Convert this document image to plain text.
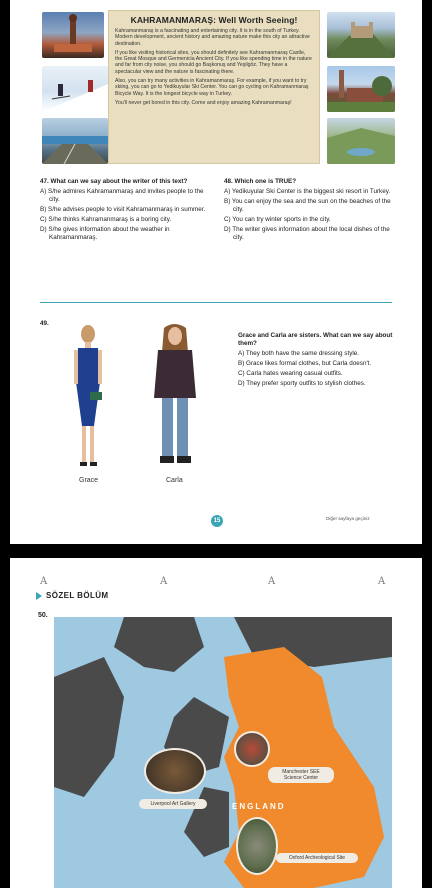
KAHRAMANMARAŞ: Well Worth Seeing!

Kahramanmaraş is a fascinating and entertaining city. It is in the south of Turkey. Modern development, ancient history and amazing nature make this city an attractive destination.

If you like visiting historical sites, you should definitely see Kahramanmaraş Castle, the Great Mosque and Germenicia Ancient City. If you like spending time in the nature and far from city noise, you should go Başkonuş and Yeşilgöz. They have a spectacular view and the nature is fascinating there.

Also, you can try many activities in Kahramanmaraş. For example, if you want to try skiing, you can go to Yedikuyular Ski Center. You can go cycling on Kahramanmaraş Bicycle Way. It is the longest bicycle way in Turkey.

You'll never get bored in this city. Come and enjoy amazing Kahramanmaraş!

47. What can we say about the writer of this text?
A) S/he admires Kahramanmaraş and invites people to the city.
B) S/he advises people to visit Kahramanmaraş in summer.
C) S/he thinks Kahramanmaraş is a boring city.
D) S/he gives information about the weather in Kahramanmaraş.
48. Which one is TRUE?
A) Yedikuyular Ski Center is the biggest ski resort in Turkey.
B) You can enjoy the sea and the sun on the beaches of the city.
C) You can try winter sports in the city.
D) The writer gives information about the local dishes of the city.
49.
Grace	Carla
Grace and Carla are sisters. What can we say about them?
A) They both have the same dressing style.
B) Grace likes formal clothes, but Carla doesn't.
C) Carla hates wearing casual outfits.
D) They prefer sporty outfits to stylish clothes.
15	Diğer sayfaya geçiniz
A	A	A	A
SÖZEL BÖLÜM
50.
Manchester SEE Science Center
Liverpool Art Gallery	ENGLAND
Oxford Archeological Site
